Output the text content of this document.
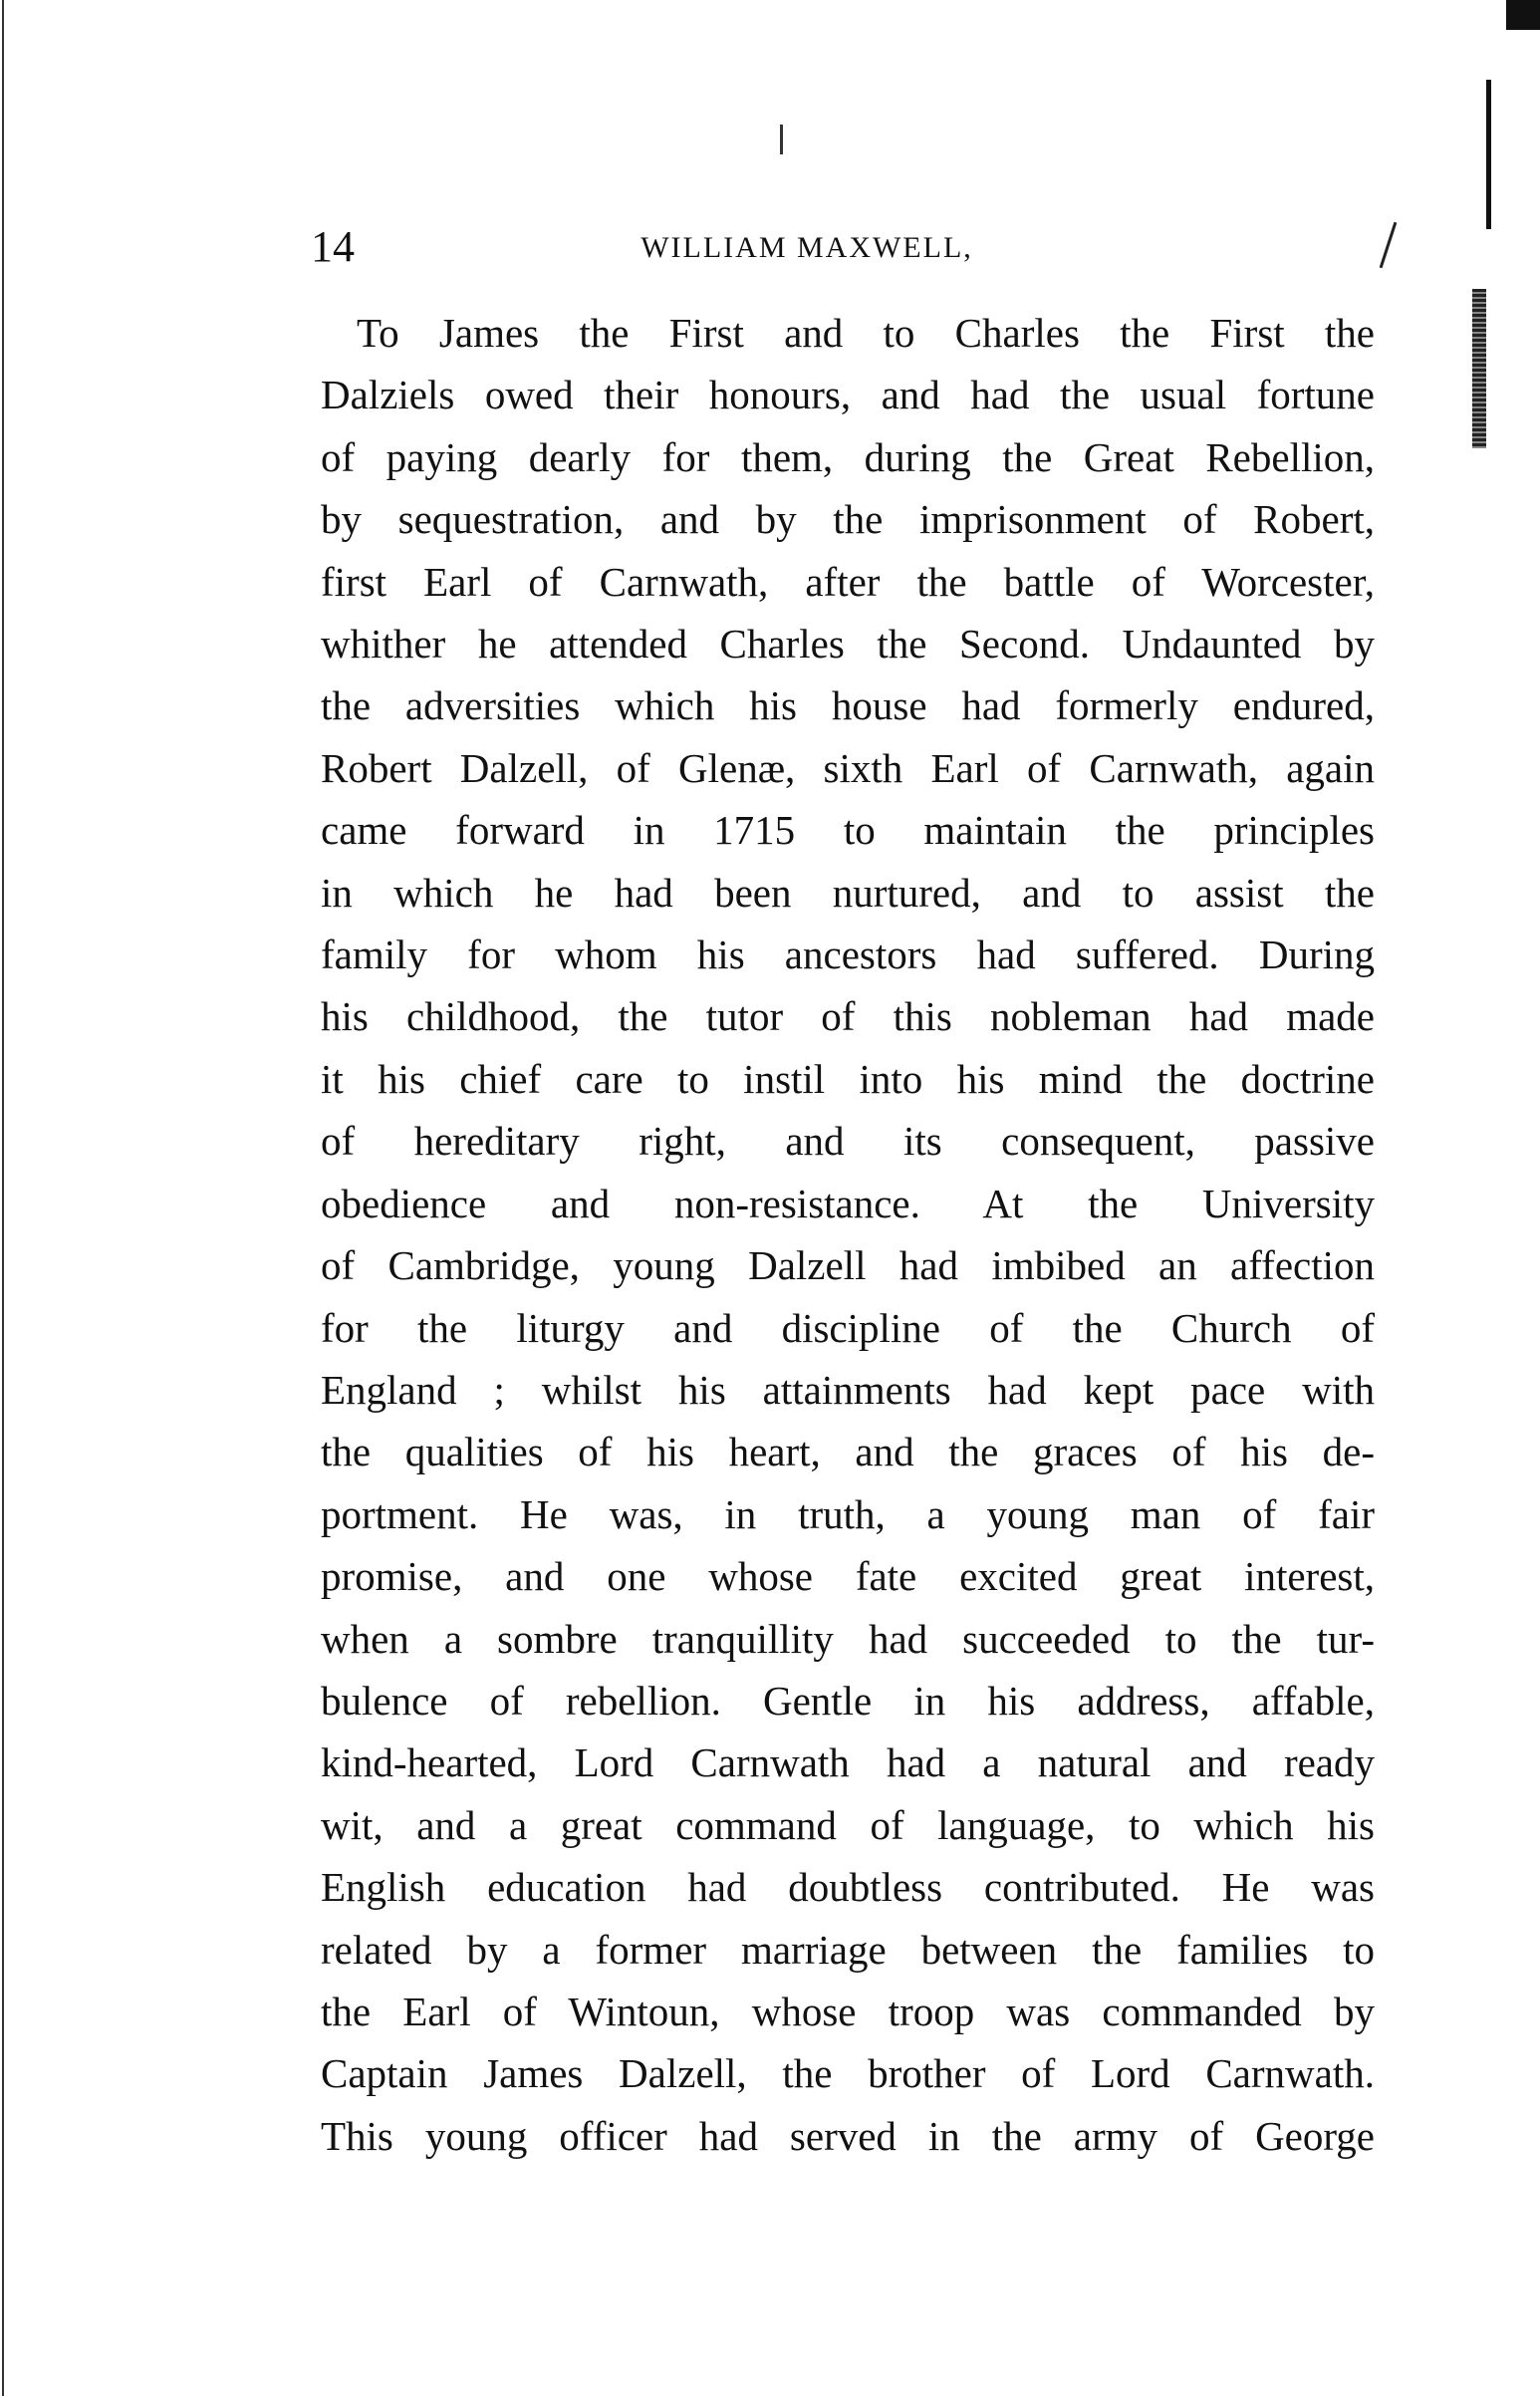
14	WILLIAM MAXWELL,
To James the First and to Charles the First the
Dalziels owed their honours, and had the usual fortune
of paying dearly for them, during the Great Rebellion,
by sequestration, and by the imprisonment of Robert,
first Earl of Carnwath, after the battle of Worcester,
whither he attended Charles the Second. Undaunted by
the adversities which his house had formerly endured,
Robert Dalzell, of Glenæ, sixth Earl of Carnwath, again
came forward in 1715 to maintain the principles
in which he had been nurtured, and to assist the
family for whom his ancestors had suffered. During
his childhood, the tutor of this nobleman had made
it his chief care to instil into his mind the doctrine
of hereditary right, and its consequent, passive
obedience and non-resistance. At the University
of Cambridge, young Dalzell had imbibed an affection
for the liturgy and discipline of the Church of
England ; whilst his attainments had kept pace with
the qualities of his heart, and the graces of his de-
portment. He was, in truth, a young man of fair
promise, and one whose fate excited great interest,
when a sombre tranquillity had succeeded to the tur-
bulence of rebellion. Gentle in his address, affable,
kind-hearted, Lord Carnwath had a natural and ready
wit, and a great command of language, to which his
English education had doubtless contributed. He was
related by a former marriage between the families to
the Earl of Wintoun, whose troop was commanded by
Captain James Dalzell, the brother of Lord Carnwath.
This young officer had served in the army of George
